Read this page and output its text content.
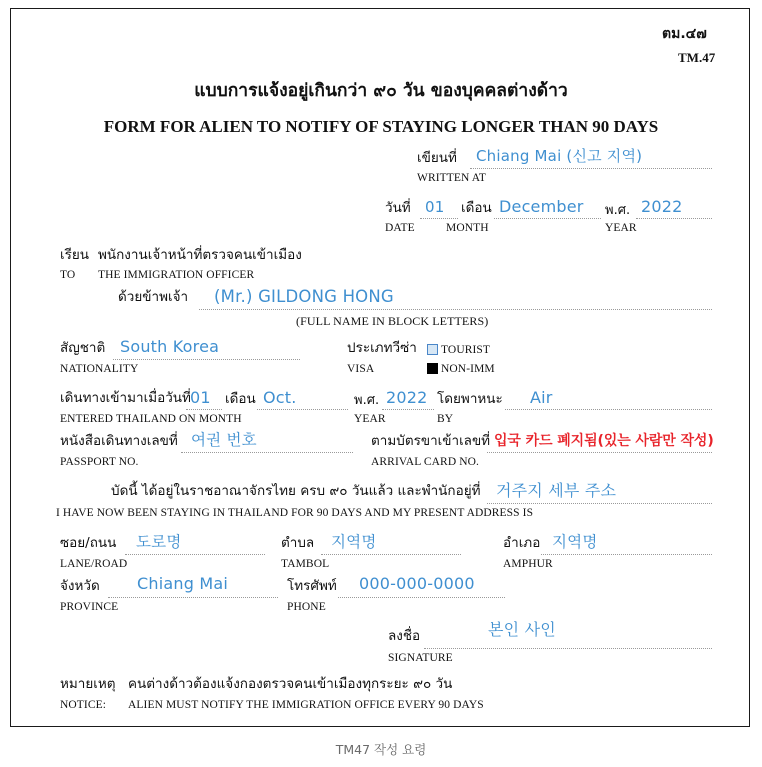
ตม.๔๗
TM.47
แบบการแจ้งอยู่เกินกว่า ๙๐ วัน ของบุคคลต่างด้าว
FORM FOR ALIEN TO NOTIFY OF STAYING LONGER THAN 90 DAYS
เขียนที่ Chiang Mai (신고 지역)
WRITTEN AT
วันที่ 01
DATE
เดือน December
MONTH
พ.ศ. 2022
YEAR
เรียน พนักงานเจ้าหน้าที่ตรวจคนเข้าเมือง
TO THE IMMIGRATION OFFICER
ด้วยข้าพเจ้า (Mr.) GILDONG HONG
(FULL NAME IN BLOCK LETTERS)
สัญชาติ South Korea
NATIONALITY
ประเภทวีซ่า
VISA
TOURIST
NON-IMM
เดินทางเข้ามาเมื่อวันที่ 01
ENTERED THAILAND ON
เดือน Oct.
MONTH
พ.ศ. 2022
YEAR
โดยพาหนะ Air
BY
หนังสือเดินทางเลขที่ 여권 번호
PASSPORT NO.
ตามบัตรขาเข้าเลขที่ 입국 카드 폐지됨(있는 사람만 작성)
ARRIVAL CARD NO.
บัดนี้ ได้อยู่ในราชอาณาจักรไทย ครบ ๙๐ วันแล้ว และพำนักอยู่ที่ 거주지 세부 주소
I HAVE NOW BEEN STAYING IN THAILAND FOR 90 DAYS AND MY PRESENT ADDRESS IS
ซอย/ถนน 도로명
LANE/ROAD
ตำบล 지역명
TAMBOL
อำเภอ 지역명
AMPHUR
จังหวัด Chiang Mai
PROVINCE
โทรศัพท์ 000-000-0000
PHONE
ลงชื่อ	본인 사인
SIGNATURE
หมายเหตุ คนต่างด้าวต้องแจ้งกองตรวจคนเข้าเมืองทุกระยะ ๙๐ วัน
NOTICE: ALIEN MUST NOTIFY THE IMMIGRATION OFFICE EVERY 90 DAYS
TM47 작성 요령
